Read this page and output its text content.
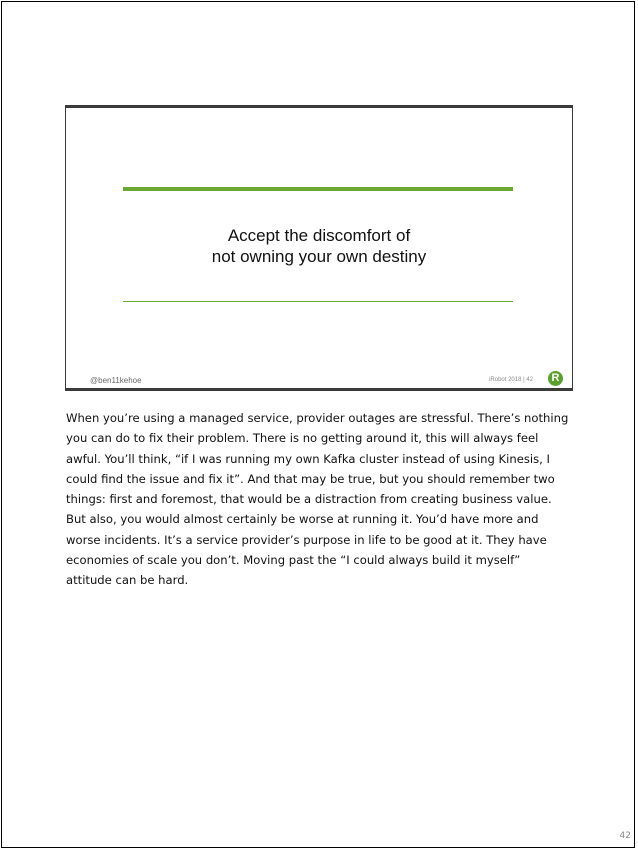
Accept the discomfort of
not owning your own destiny
@ben11kehoe	iRobot 2018 | 42	R
When you’re using a managed service, provider outages are stressful. There’s nothing
you can do to fix their problem. There is no getting around it, this will always feel
awful. You’ll think, “if I was running my own Kafka cluster instead of using Kinesis, I
could find the issue and fix it”. And that may be true, but you should remember two
things: first and foremost, that would be a distraction from creating business value.
But also, you would almost certainly be worse at running it. You’d have more and
worse incidents. It’s a service provider’s purpose in life to be good at it. They have
economies of scale you don’t. Moving past the “I could always build it myself”
attitude can be hard.
42
